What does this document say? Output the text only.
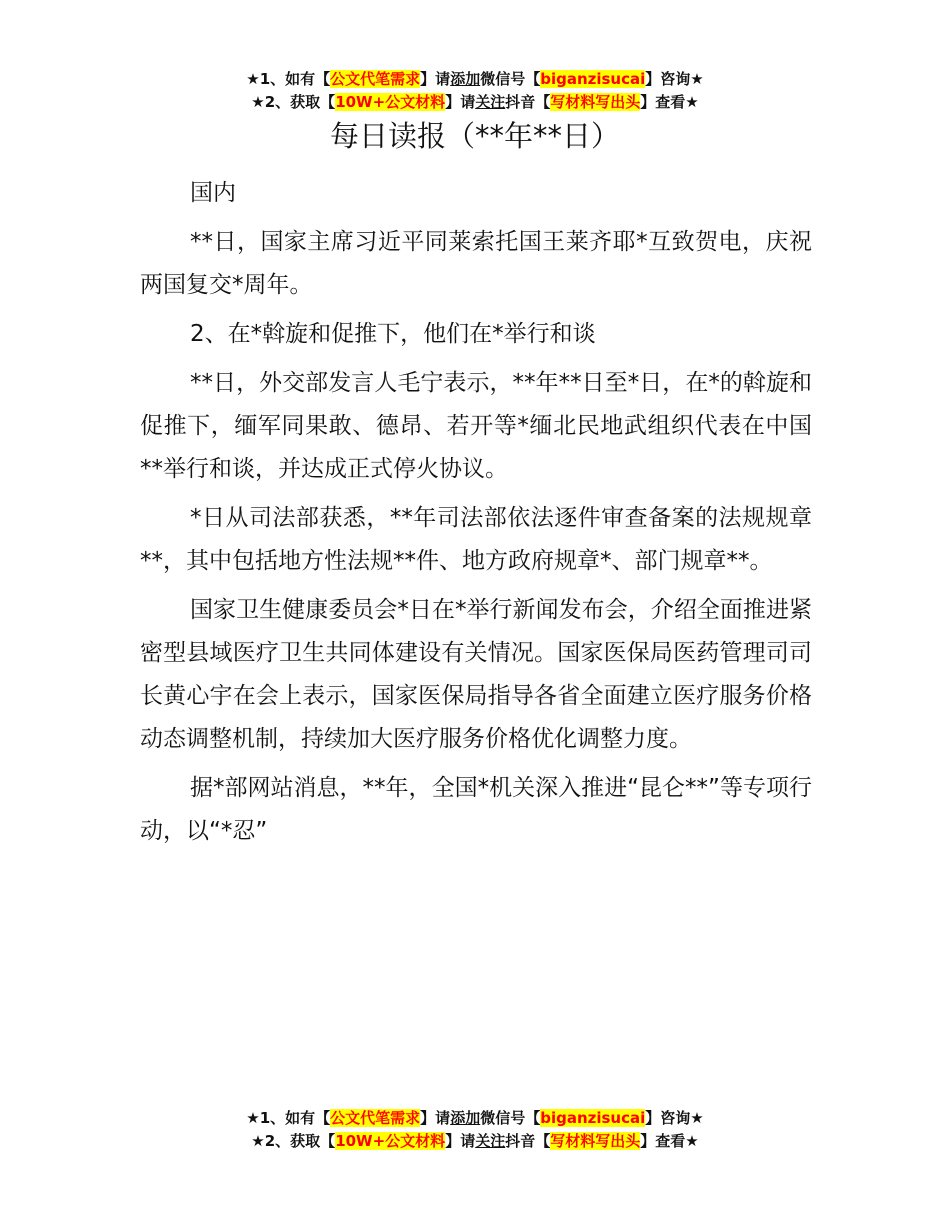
★1、如有【公文代笔需求】请添加微信号【biganzisucai】咨询★
★2、获取【10W+公文材料】请关注抖音【写材料写出头】查看★
每日读报（**年**日）

国内

**日，国家主席习近平同莱索托国王莱齐耶*互致贺电，庆祝两国复交*周年。

2、在*斡旋和促推下，他们在*举行和谈

**日，外交部发言人毛宁表示，**年**日至*日，在*的斡旋和促推下，缅军同果敢、德昂、若开等*缅北民地武组织代表在中国**举行和谈，并达成正式停火协议。

*日从司法部获悉，**年司法部依法逐件审查备案的法规规章**，其中包括地方性法规**件、地方政府规章*、部门规章**。

国家卫生健康委员会*日在*举行新闻发布会，介绍全面推进紧密型县域医疗卫生共同体建设有关情况。国家医保局医药管理司司长黄心宇在会上表示，国家医保局指导各省全面建立医疗服务价格动态调整机制，持续加大医疗服务价格优化调整力度。

据*部网站消息，**年，全国*机关深入推进“昆仑**”等专项行动，以“*忍”

★1、如有【公文代笔需求】请添加微信号【biganzisucai】咨询★
★2、获取【10W+公文材料】请关注抖音【写材料写出头】查看★
